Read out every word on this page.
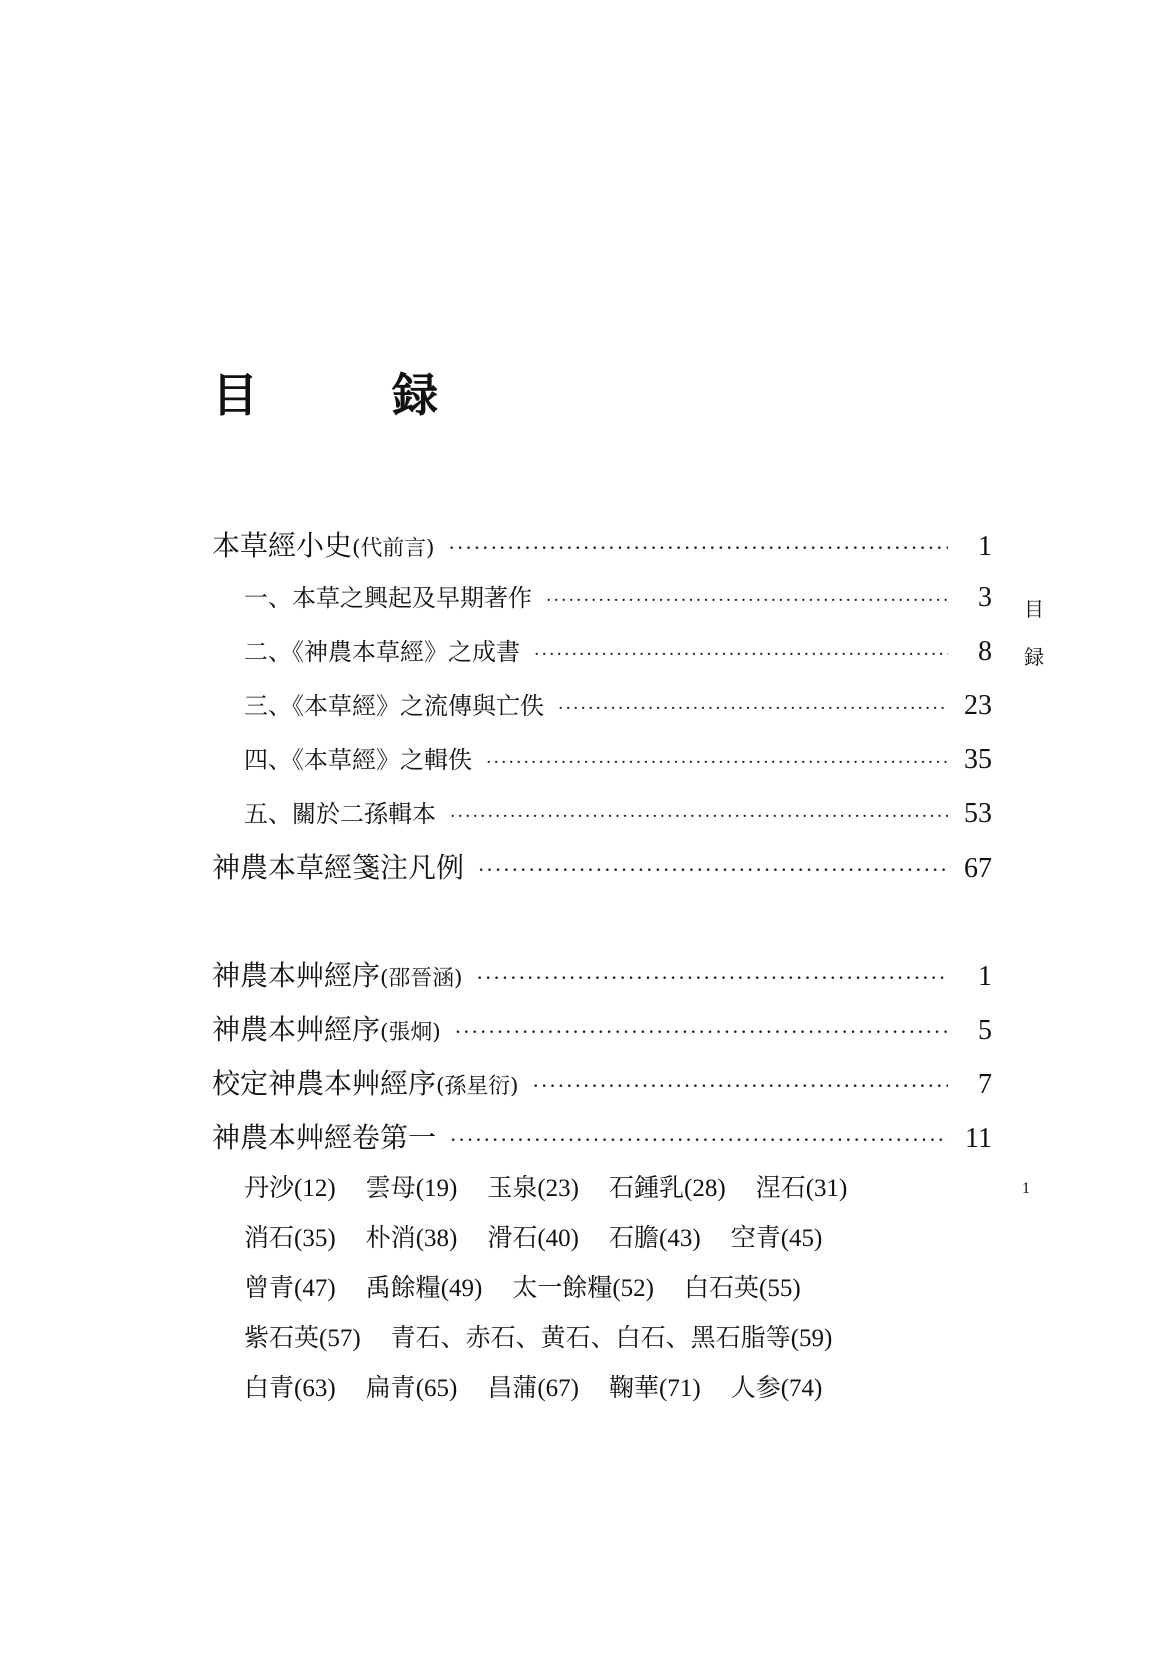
目　録
本草經小史 (代前言) ·····	1
一、本草之興起及早期著作 ·····	3
二、《神農本草經》之成書 ·····	8
三、《本草經》之流傳與亡佚 ·····	23
四、《本草經》之輯佚 ·····	35
五、關於二孫輯本 ·····	53
神農本草經箋注凡例 ·····	67
神農本艸經序 (邵晉涵) ·····	1
神農本艸經序 (張炯) ·····	5
校定神農本艸經序 (孫星衍) ·····	7
神農本艸經卷第一 ·····	11
丹沙(12) 雲母(19) 玉泉(23) 石鍾乳(28) 涅石(31)
消石(35) 朴消(38) 滑石(40) 石膽(43) 空青(45)
曾青(47) 禹餘糧(49) 太一餘糧(52) 白石英(55)
紫石英(57) 青石、赤石、黄石、白石、黑石脂等(59)
白青(63) 扁青(65) 昌蒲(67) 鞠華(71) 人参(74)
目
録
1
